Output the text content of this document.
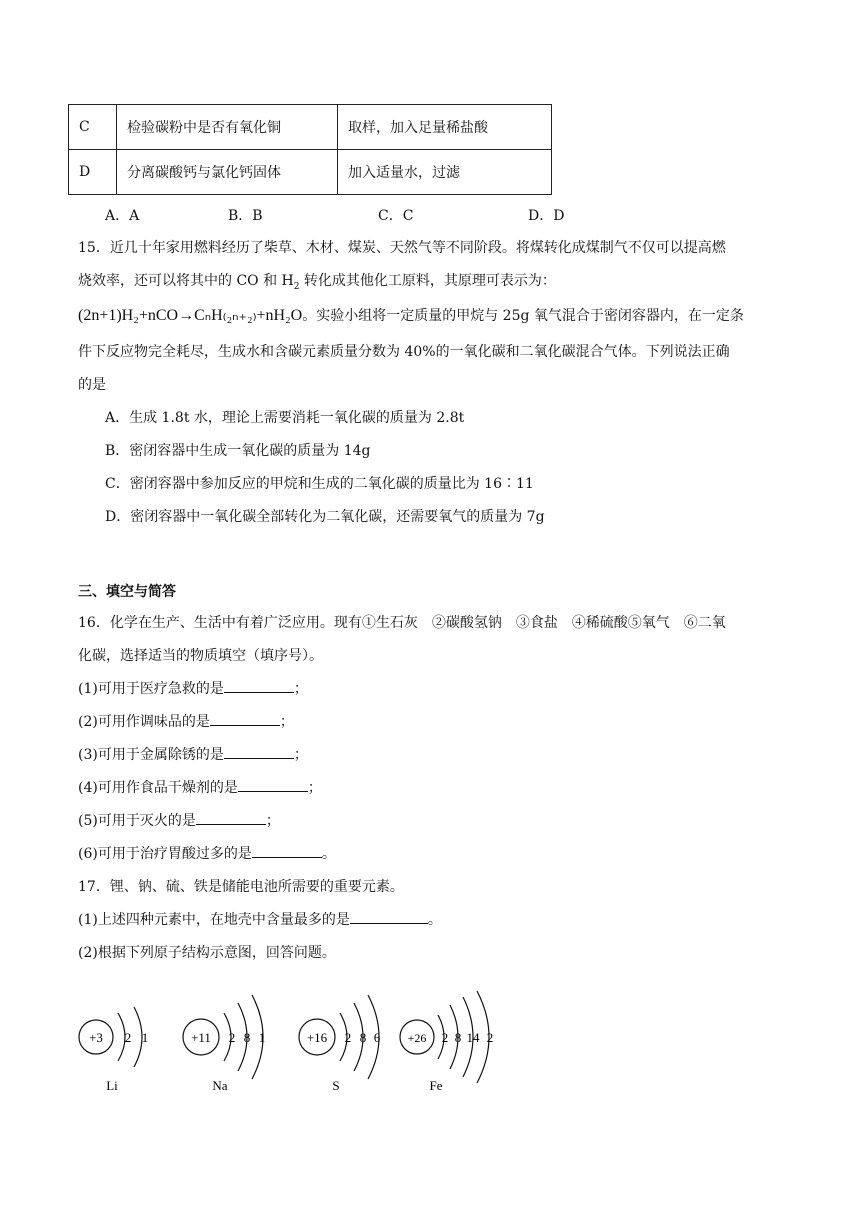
C	检验碳粉中是否有氧化铜	取样，加入足量稀盐酸
D	分离碳酸钙与氯化钙固体	加入适量水，过滤
A．A	B．B	C．C	D．D
15．近几十年家用燃料经历了柴草、木材、煤炭、天然气等不同阶段。将煤转化成煤制气不仅可以提高燃
烧效率，还可以将其中的 CO 和 $H_2$ 转化成其他化工原料，其原理可表示为：
(2n+1)H₂+nCO→CₙH₍₂ₙ₊₂₎+nH₂O。实验小组将一定质量的甲烷与 25g 氧气混合于密闭容器内，在一定条
件下反应物完全耗尽，生成水和含碳元素质量分数为 40%的一氧化碳和二氧化碳混合气体。下列说法正确
的是
A．生成 1.8t 水，理论上需要消耗一氧化碳的质量为 2.8t
B．密闭容器中生成一氧化碳的质量为 14g
C．密闭容器中参加反应的甲烷和生成的二氧化碳的质量比为 16∶11
D．密闭容器中一氧化碳全部转化为二氧化碳，还需要氧气的质量为 7g
三、填空与简答
16．化学在生产、生活中有着广泛应用。现有①生石灰　②碳酸氢钠　③食盐　④稀硫酸⑤氧气　⑥二氧
化碳，选择适当的物质填空（填序号）。
(1)可用于医疗急救的是	；
(2)可用作调味品的是	；
(3)可用于金属除锈的是	；
(4)可用作食品干燥剂的是	；
(5)可用于灭火的是	；
(6)可用于治疗胃酸过多的是	。
17．锂、钠、硫、铁是储能电池所需要的重要元素。
(1)上述四种元素中，在地壳中含量最多的是	。
(2)根据下列原子结构示意图，回答问题。
+3 2 1
Li
+11 2 8 1
Na
+16 2 8 6
S
+26 2 8 14 2
Fe
